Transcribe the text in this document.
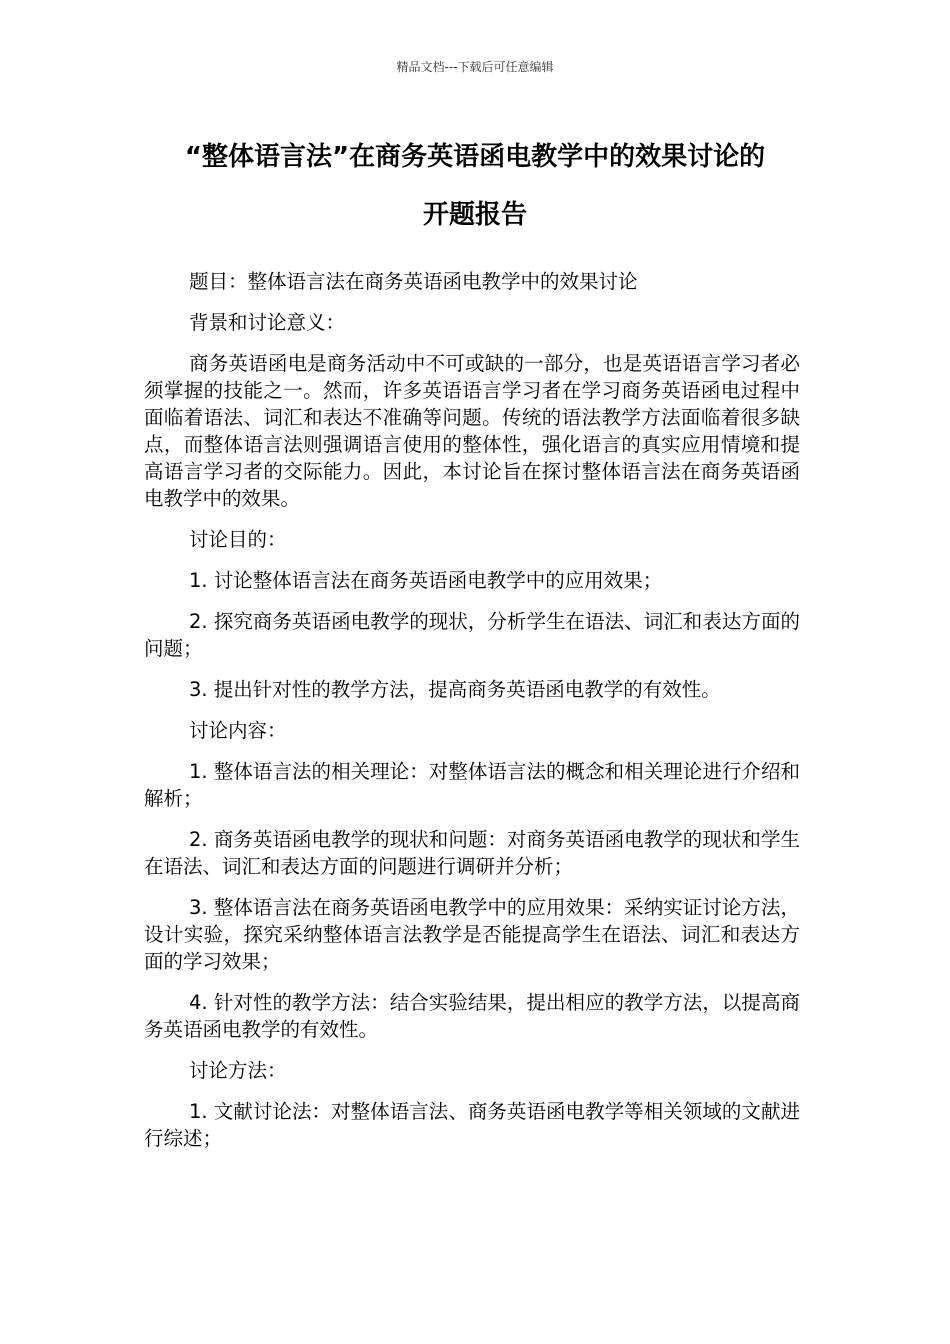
精品文档---下载后可任意编辑
“整体语言法”在商务英语函电教学中的效果讨论的
开题报告

题目：整体语言法在商务英语函电教学中的效果讨论

背景和讨论意义：

商务英语函电是商务活动中不可或缺的一部分，也是英语语言学习者必须掌握的技能之一。然而，许多英语语言学习者在学习商务英语函电过程中面临着语法、词汇和表达不准确等问题。传统的语法教学方法面临着很多缺点，而整体语言法则强调语言使用的整体性，强化语言的真实应用情境和提高语言学习者的交际能力。因此，本讨论旨在探讨整体语言法在商务英语函电教学中的效果。

讨论目的：

1. 讨论整体语言法在商务英语函电教学中的应用效果；

2. 探究商务英语函电教学的现状，分析学生在语法、词汇和表达方面的问题；

3. 提出针对性的教学方法，提高商务英语函电教学的有效性。

讨论内容：

1. 整体语言法的相关理论：对整体语言法的概念和相关理论进行介绍和解析；

2. 商务英语函电教学的现状和问题：对商务英语函电教学的现状和学生在语法、词汇和表达方面的问题进行调研并分析；

3. 整体语言法在商务英语函电教学中的应用效果：采纳实证讨论方法，设计实验，探究采纳整体语言法教学是否能提高学生在语法、词汇和表达方面的学习效果；

4. 针对性的教学方法：结合实验结果，提出相应的教学方法，以提高商务英语函电教学的有效性。

讨论方法：

1. 文献讨论法：对整体语言法、商务英语函电教学等相关领域的文献进行综述；
